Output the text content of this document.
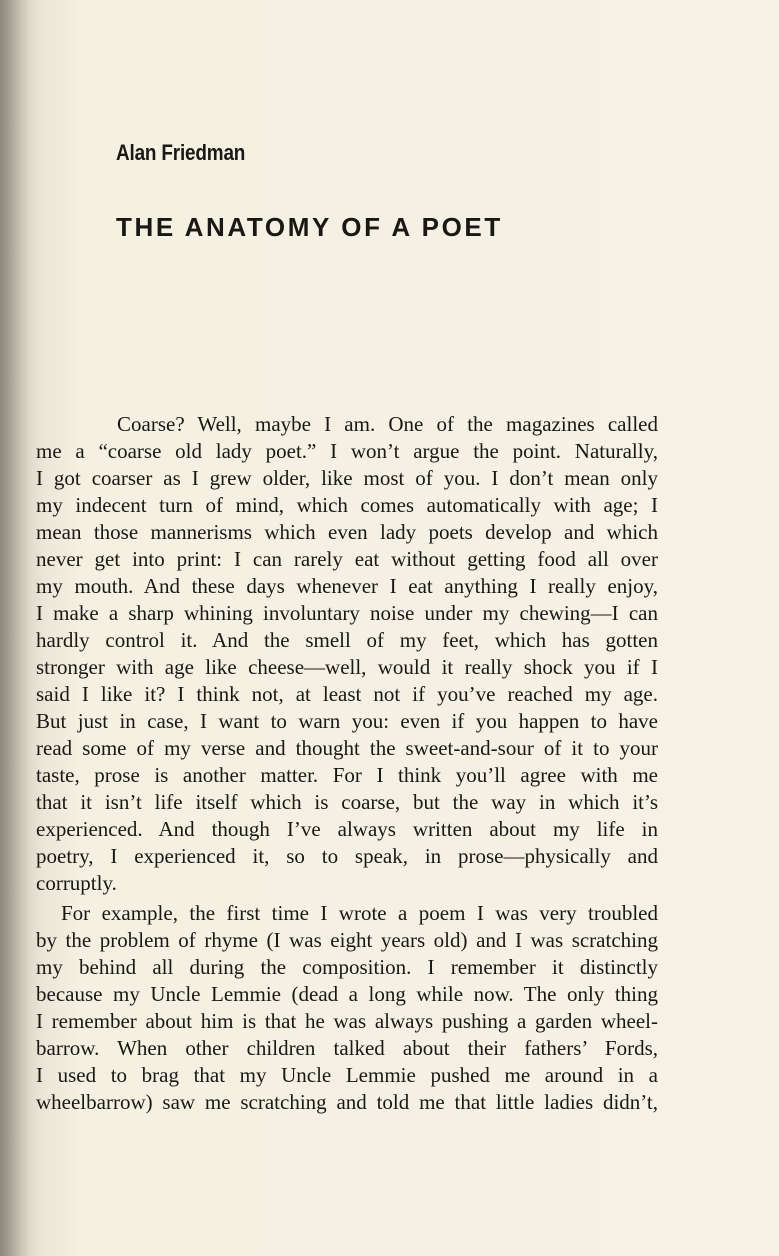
Alan Friedman
THE ANATOMY OF A POET
Coarse? Well, maybe I am. One of the magazines called
me a “coarse old lady poet.” I won’t argue the point. Naturally,
I got coarser as I grew older, like most of you. I don’t mean only
my indecent turn of mind, which comes automatically with age; I
mean those mannerisms which even lady poets develop and which
never get into print: I can rarely eat without getting food all over
my mouth. And these days whenever I eat anything I really enjoy,
I make a sharp whining involuntary noise under my chewing—I can
hardly control it. And the smell of my feet, which has gotten
stronger with age like cheese—well, would it really shock you if I
said I like it? I think not, at least not if you’ve reached my age.
But just in case, I want to warn you: even if you happen to have
read some of my verse and thought the sweet-and-sour of it to your
taste, prose is another matter. For I think you’ll agree with me
that it isn’t life itself which is coarse, but the way in which it’s
experienced. And though I’ve always written about my life in
poetry, I experienced it, so to speak, in prose—physically and
corruptly.
For example, the first time I wrote a poem I was very troubled
by the problem of rhyme (I was eight years old) and I was scratching
my behind all during the composition. I remember it distinctly
because my Uncle Lemmie (dead a long while now. The only thing
I remember about him is that he was always pushing a garden wheel-
barrow. When other children talked about their fathers’ Fords,
I used to brag that my Uncle Lemmie pushed me around in a
wheelbarrow) saw me scratching and told me that little ladies didn’t,
